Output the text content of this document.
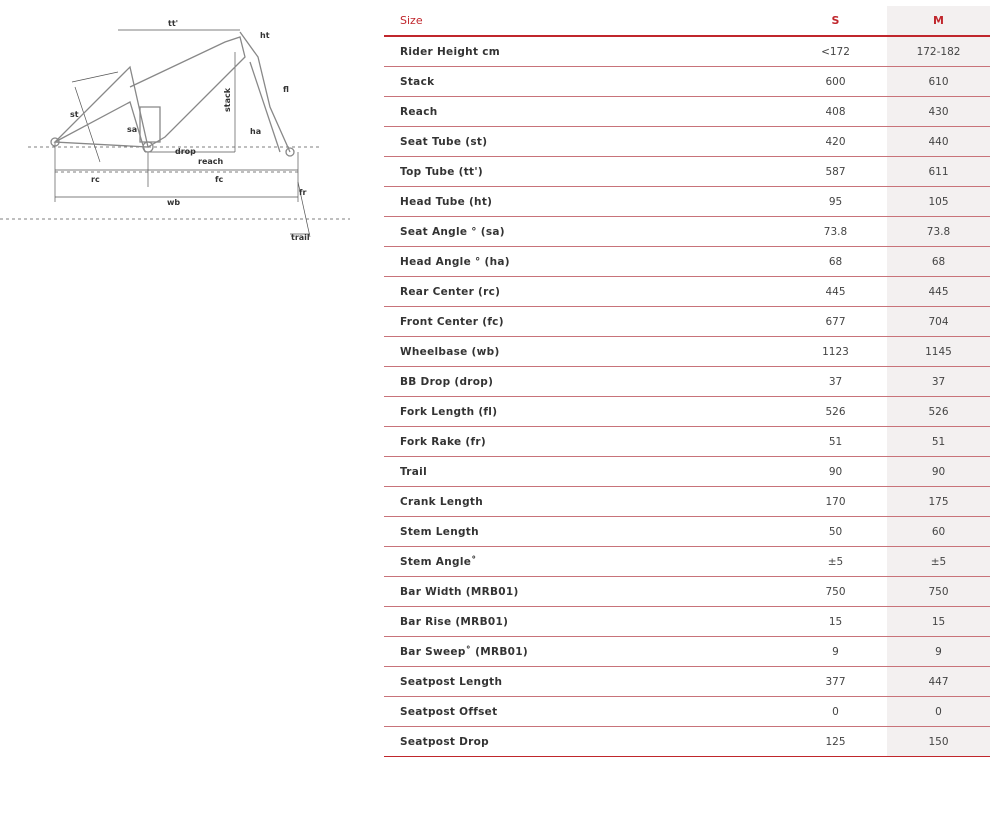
tt'
ht
stack	fl
st
sa	ha
drop
reach
rc	fc
wb
fr
trail
Size	S	M
Rider Height cm	<172	172-182
Stack	600	610
Reach	408	430
Seat Tube (st)	420	440
Top Tube (tt')	587	611
Head Tube (ht)	95	105
Seat Angle ° (sa)	73.8	73.8
Head Angle ° (ha)	68	68
Rear Center (rc)	445	445
Front Center (fc)	677	704
Wheelbase (wb)	1123	1145
BB Drop (drop)	37	37
Fork Length (fl)	526	526
Fork Rake (fr)	51	51
Trail	90	90
Crank Length	170	175
Stem Length	50	60
Stem Angle˚	±5	±5
Bar Width (MRB01)	750	750
Bar Rise (MRB01)	15	15
Bar Sweep˚ (MRB01)	9	9
Seatpost Length	377	447
Seatpost Offset	0	0
Seatpost Drop	125	150
